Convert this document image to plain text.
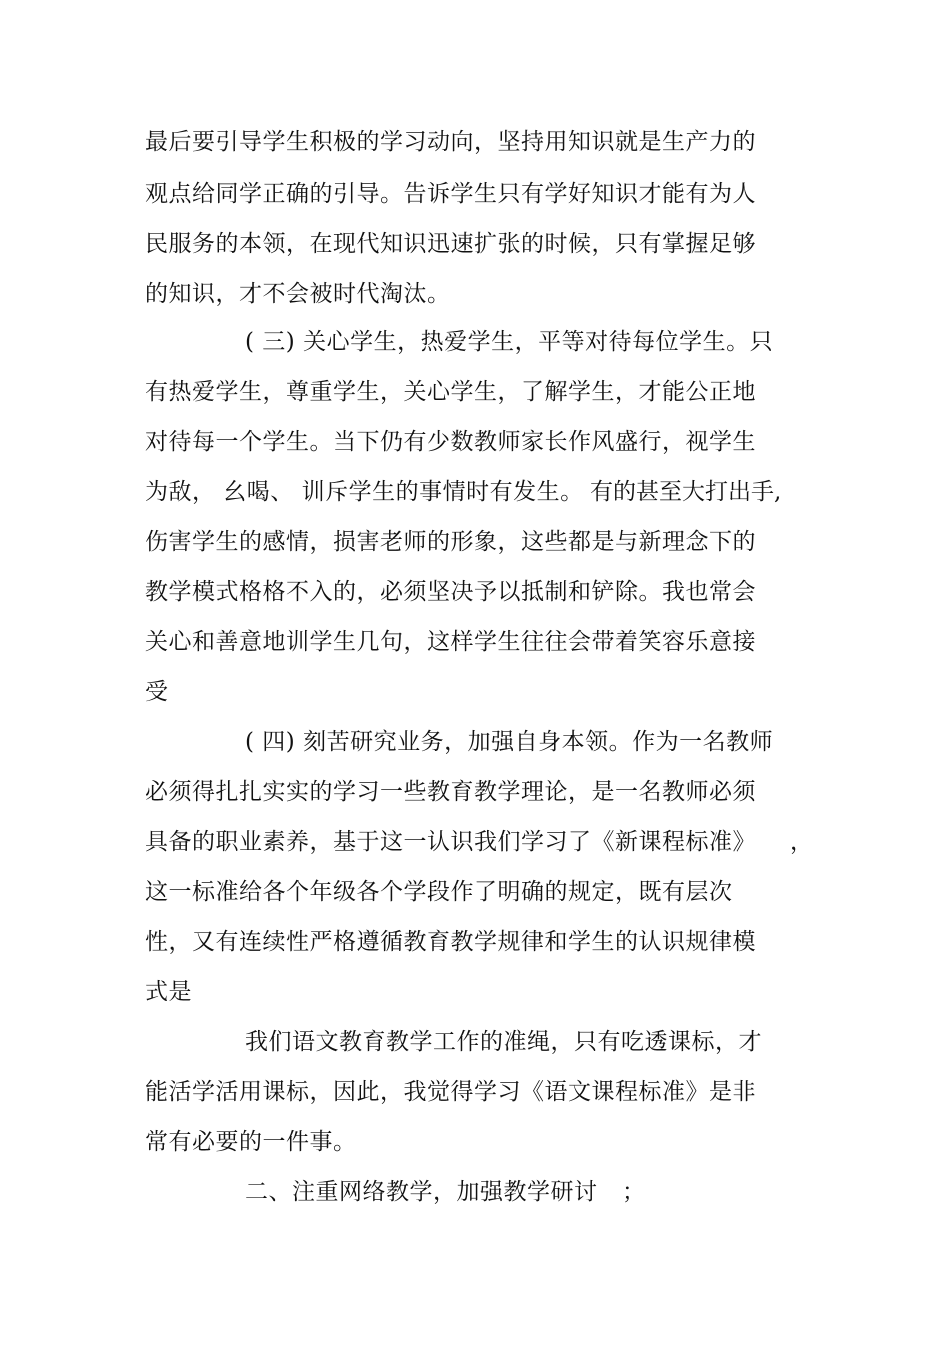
最后要引导学生积极的学习动向，坚持用知识就是生产力的
观点给同学正确的引导。告诉学生只有学好知识才能有为人
民服务的本领，在现代知识迅速扩张的时候，只有掌握足够
的知识，才不会被时代淘汰。
( 三) 关心学生，热爱学生，平等对待每位学生。只
有热爱学生，尊重学生，关心学生，了解学生，才能公正地
对待每一个学生。当下仍有少数教师家长作风盛行，视学生
为敌， 幺喝、 训斥学生的事情时有发生。 有的甚至大打出手,
伤害学生的感情，损害老师的形象，这些都是与新理念下的
教学模式格格不入的，必须坚决予以抵制和铲除。我也常会
关心和善意地训学生几句，这样学生往往会带着笑容乐意接
受
( 四) 刻苦研究业务，加强自身本领。作为一名教师
必须得扎扎实实的学习一些教育教学理论，是一名教师必须
具备的职业素养，基于这一认识我们学习了《新课程标准》 ，
这一标准给各个年级各个学段作了明确的规定，既有层次
性，又有连续性严格遵循教育教学规律和学生的认识规律模
式是
我们语文教育教学工作的准绳，只有吃透课标，才
能活学活用课标，因此，我觉得学习《语文课程标准》是非
常有必要的一件事。
二、注重网络教学，加强教学研讨 ；
